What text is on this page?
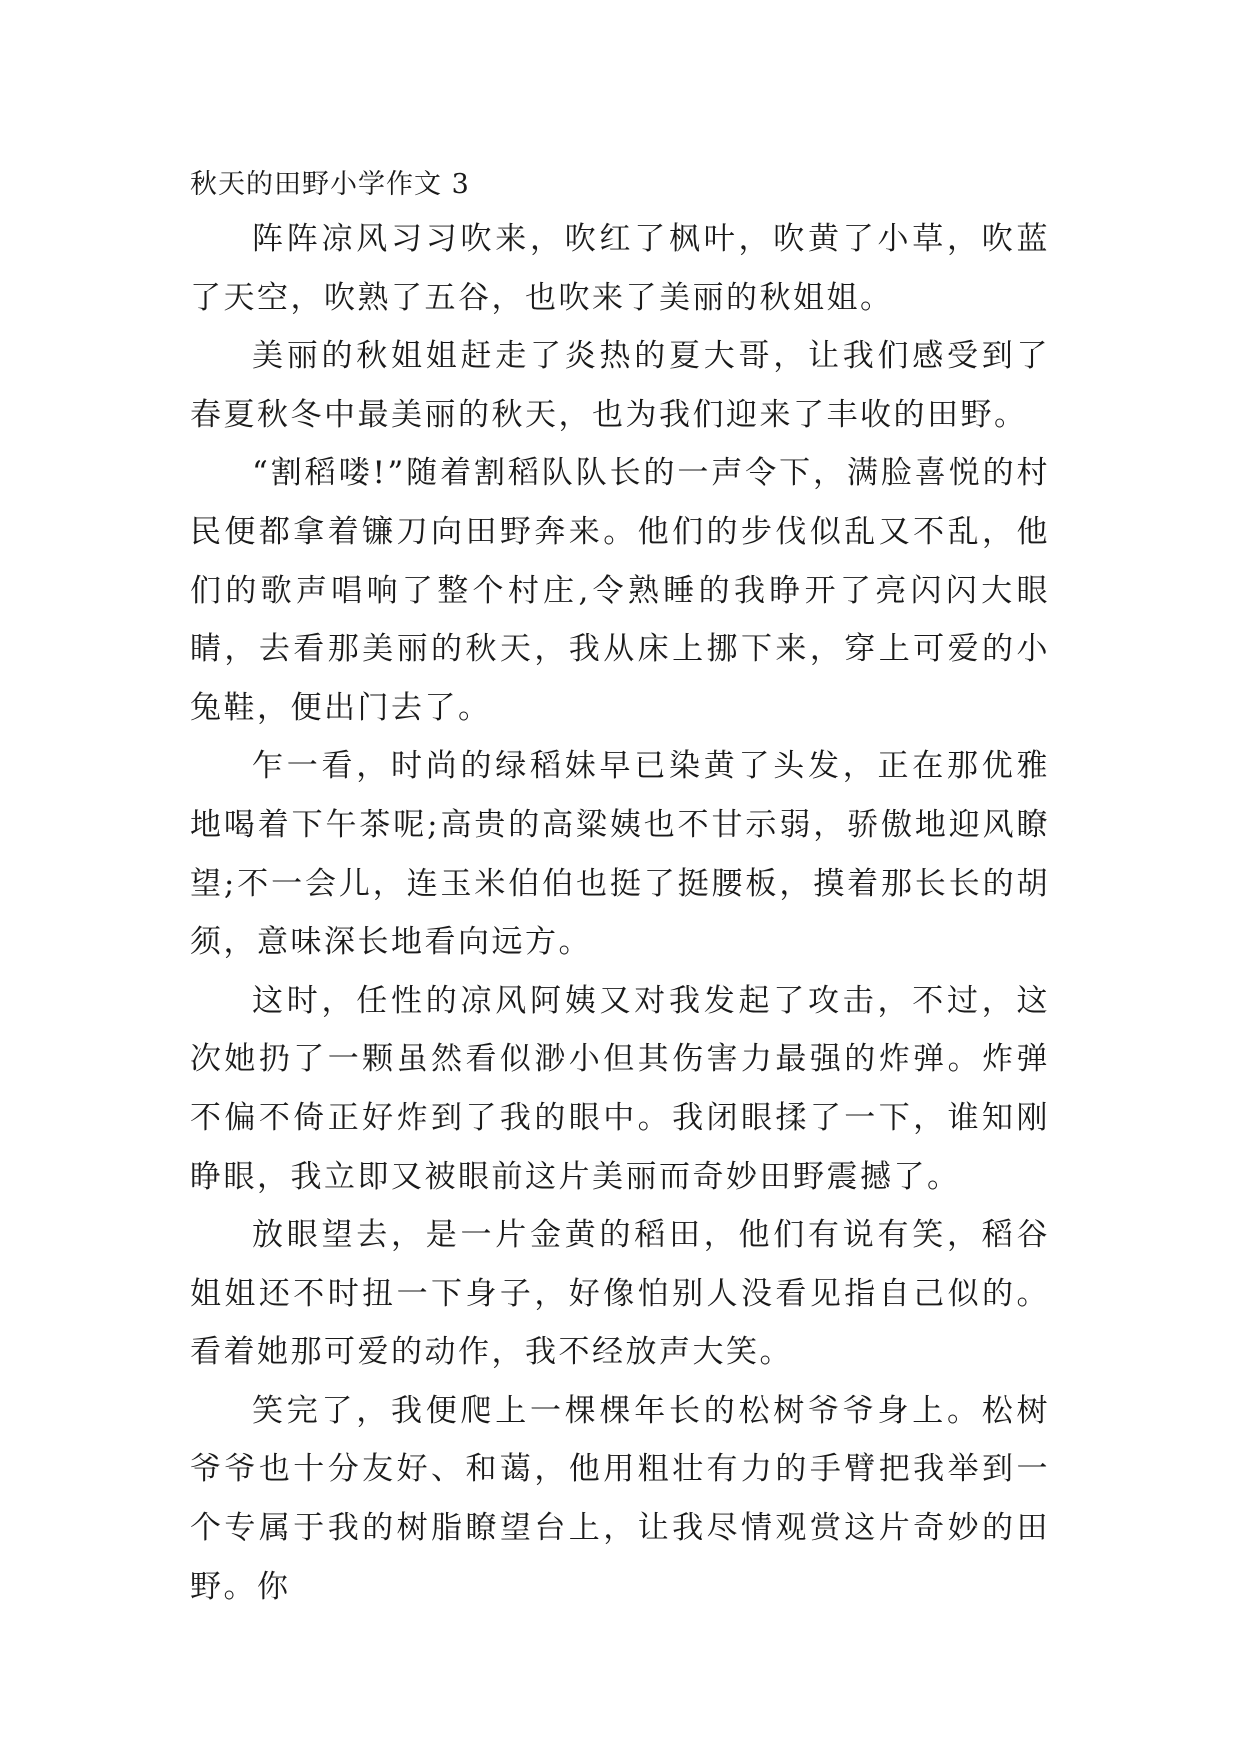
秋天的田野小学作文 3

阵阵凉风习习吹来，吹红了枫叶，吹黄了小草，吹蓝了天空，吹熟了五谷，也吹来了美丽的秋姐姐。

美丽的秋姐姐赶走了炎热的夏大哥，让我们感受到了春夏秋冬中最美丽的秋天，也为我们迎来了丰收的田野。

“割稻喽!”随着割稻队队长的一声令下，满脸喜悦的村民便都拿着镰刀向田野奔来。他们的步伐似乱又不乱，他们的歌声唱响了整个村庄,令熟睡的我睁开了亮闪闪大眼睛，去看那美丽的秋天，我从床上挪下来，穿上可爱的小兔鞋，便出门去了。

乍一看，时尚的绿稻妹早已染黄了头发，正在那优雅地喝着下午茶呢;高贵的高粱姨也不甘示弱，骄傲地迎风瞭望;不一会儿，连玉米伯伯也挺了挺腰板，摸着那长长的胡须，意味深长地看向远方。

这时，任性的凉风阿姨又对我发起了攻击，不过，这次她扔了一颗虽然看似渺小但其伤害力最强的炸弹。炸弹不偏不倚正好炸到了我的眼中。我闭眼揉了一下，谁知刚睁眼，我立即又被眼前这片美丽而奇妙田野震撼了。

放眼望去，是一片金黄的稻田，他们有说有笑，稻谷姐姐还不时扭一下身子，好像怕别人没看见指自己似的。看着她那可爱的动作，我不经放声大笑。

笑完了，我便爬上一棵棵年长的松树爷爷身上。松树爷爷也十分友好、和蔼，他用粗壮有力的手臂把我举到一个专属于我的树脂瞭望台上，让我尽情观赏这片奇妙的田野。你
